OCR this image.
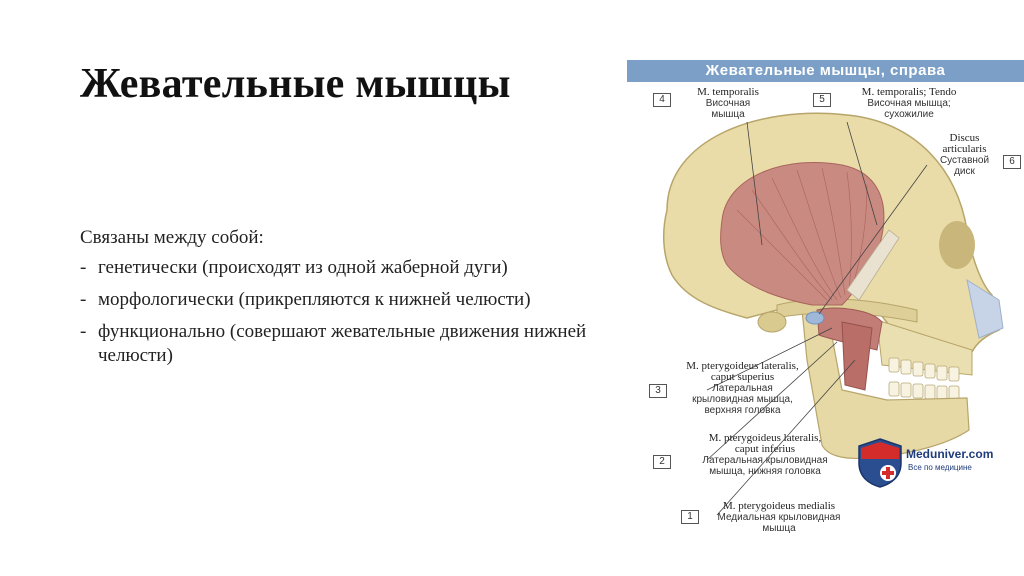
Жевательные мышцы
Связаны между собой:
- генетически (происходят из одной жаберной дуги)
- морфологически (прикрепляются к нижней челюсти)
- функционально (совершают жевательные движения нижней челюсти)
Жевательные мышцы, справа
4
M. temporalis
Височная
мышца
5
M. temporalis; Tendo
Височная мышца;
сухожилие
6
Discus
articularis
Суставной
диск
3
M. pterygoideus lateralis,
caput superius
Латеральная
крыловидная мышца,
верхняя головка
2
M. pterygoideus lateralis,
caput inferius
Латеральная крыловидная
мышца, нижняя головка
1
M. pterygoideus medialis
Медиальная крыловидная
мышца
Meduniver.com
Все по медицине
